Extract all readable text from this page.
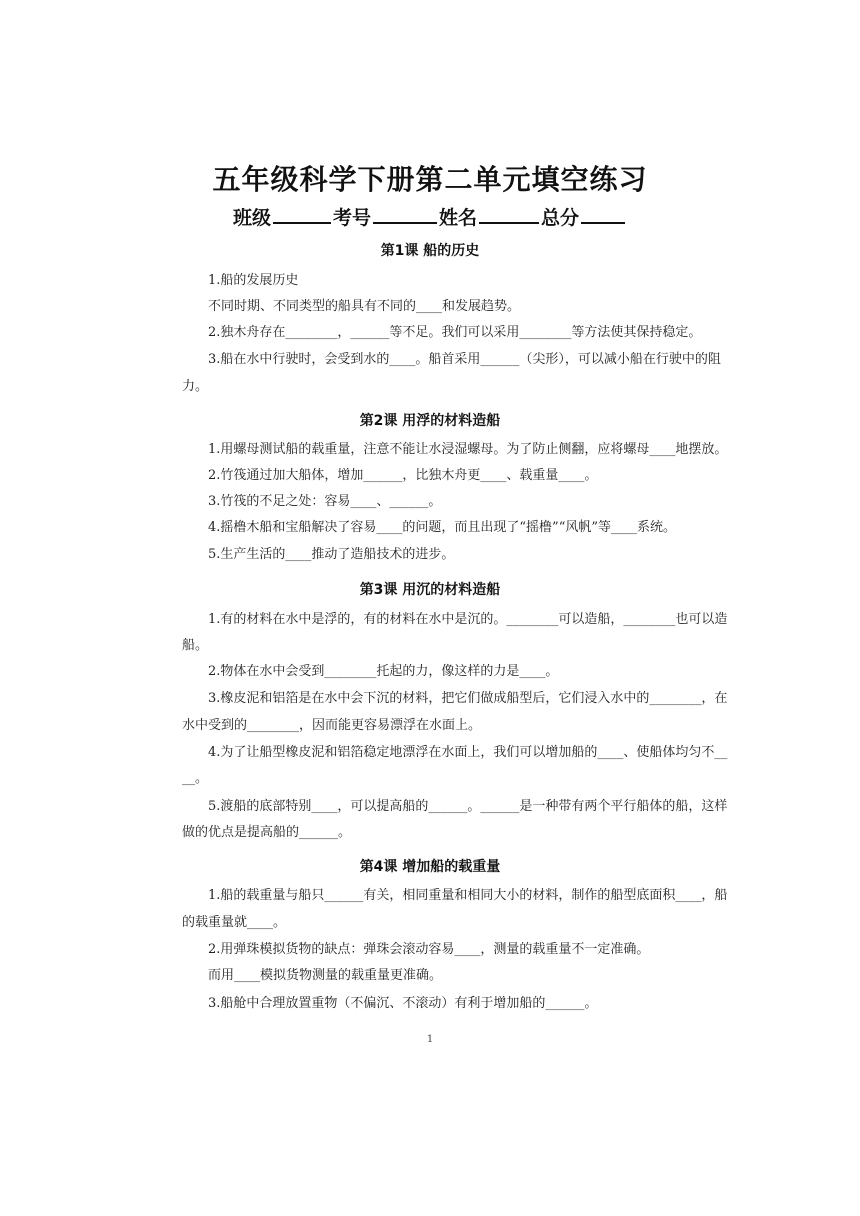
五年级科学下册第二单元填空练习
班级	考号	姓名	总分
第1课 船的历史
1.船的发展历史
不同时期、不同类型的船具有不同的____和发展趋势。
2.独木舟存在________，______等不足。我们可以采用________等方法使其保持稳定。
3.船在水中行驶时，会受到水的____。船首采用______（尖形），可以减小船在行驶中的阻
力。
第2课 用浮的材料造船
1.用螺母测试船的载重量，注意不能让水浸湿螺母。为了防止侧翻，应将螺母____地摆放。
2.竹筏通过加大船体，增加______，比独木舟更____、载重量____。
3.竹筏的不足之处：容易____、______。
4.摇橹木船和宝船解决了容易____的问题，而且出现了“摇橹”“风帆”等____系统。
5.生产生活的____推动了造船技术的进步。
第3课 用沉的材料造船
1.有的材料在水中是浮的，有的材料在水中是沉的。________可以造船，________也可以造
船。
2.物体在水中会受到________托起的力，像这样的力是____。
3.橡皮泥和铝箔是在水中会下沉的材料，把它们做成船型后，它们浸入水中的________，在
水中受到的________，因而能更容易漂浮在水面上。
4.为了让船型橡皮泥和铝箔稳定地漂浮在水面上，我们可以增加船的____、使船体均匀不__
__。
5.渡船的底部特别____，可以提高船的______。______是一种带有两个平行船体的船，这样
做的优点是提高船的______。
第4课 增加船的载重量
1.船的载重量与船只______有关，相同重量和相同大小的材料，制作的船型底面积____，船
的载重量就____。
2.用弹珠模拟货物的缺点：弹珠会滚动容易____，测量的载重量不一定准确。
而用____模拟货物测量的载重量更准确。
3.船舱中合理放置重物（不偏沉、不滚动）有利于增加船的______。
1
